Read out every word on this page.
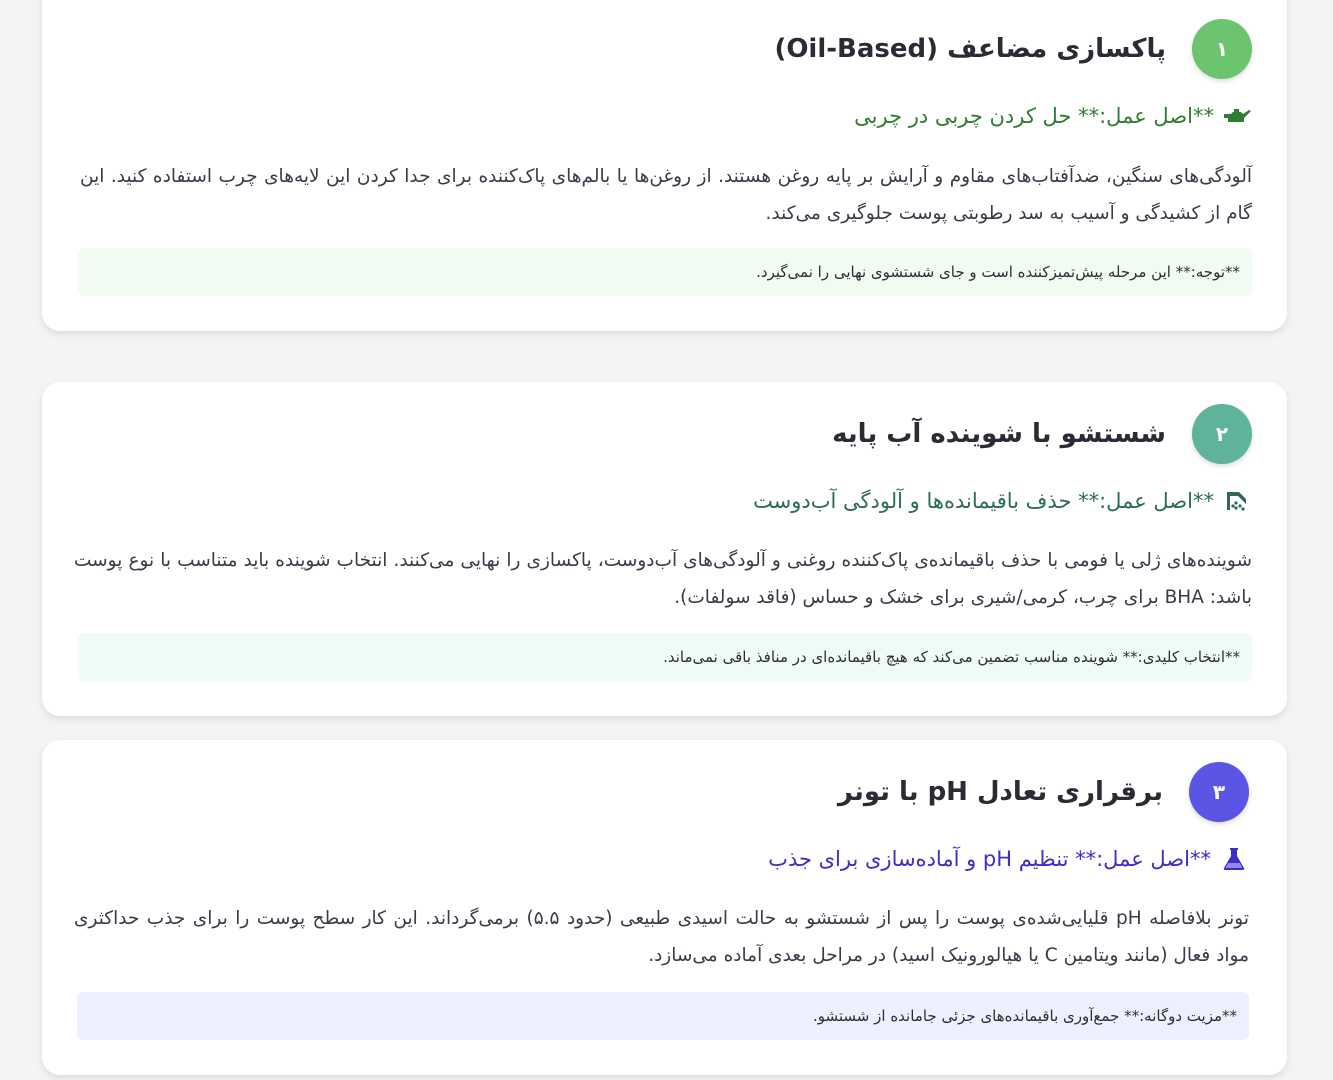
۱
پاکسازی مضاعف (Oil-Based)
**اصل عمل:** حل کردن چربی در چربی
آلودگی‌های سنگین، ضدآفتاب‌های مقاوم و آرایش بر پایه روغن هستند. از روغن‌ها یا بالم‌های پاک‌کننده برای جدا کردن این لایه‌های چرب استفاده کنید. این گام از کشیدگی و آسیب به سد رطوبتی پوست جلوگیری می‌کند.
**توجه:** این مرحله پیش‌تمیزکننده است و جای شستشوی نهایی را نمی‌گیرد.
۲
شستشو با شوینده آب پایه
**اصل عمل:** حذف باقیمانده‌ها و آلودگی آب‌دوست
شوینده‌های ژلی یا فومی با حذف باقیمانده‌ی پاک‌کننده روغنی و آلودگی‌های آب‌دوست، پاکسازی را نهایی می‌کنند. انتخاب شوینده باید متناسب با نوع پوست باشد: BHA برای چرب، کرمی/شیری برای خشک و حساس (فاقد سولفات).
**انتخاب کلیدی:** شوینده مناسب تضمین می‌کند که هیچ باقیمانده‌ای در منافذ باقی نمی‌ماند.
۳
برقراری تعادل pH با تونر
**اصل عمل:** تنظیم pH و آماده‌سازی برای جذب
تونر بلافاصله pH قلیایی‌شده‌ی پوست را پس از شستشو به حالت اسیدی طبیعی (حدود ۵.۵) برمی‌گرداند. این کار سطح پوست را برای جذب حداکثری مواد فعال (مانند ویتامین C یا هیالورونیک اسید) در مراحل بعدی آماده می‌سازد.
**مزیت دوگانه:** جمع‌آوری باقیمانده‌های جزئی جامانده از شستشو.
